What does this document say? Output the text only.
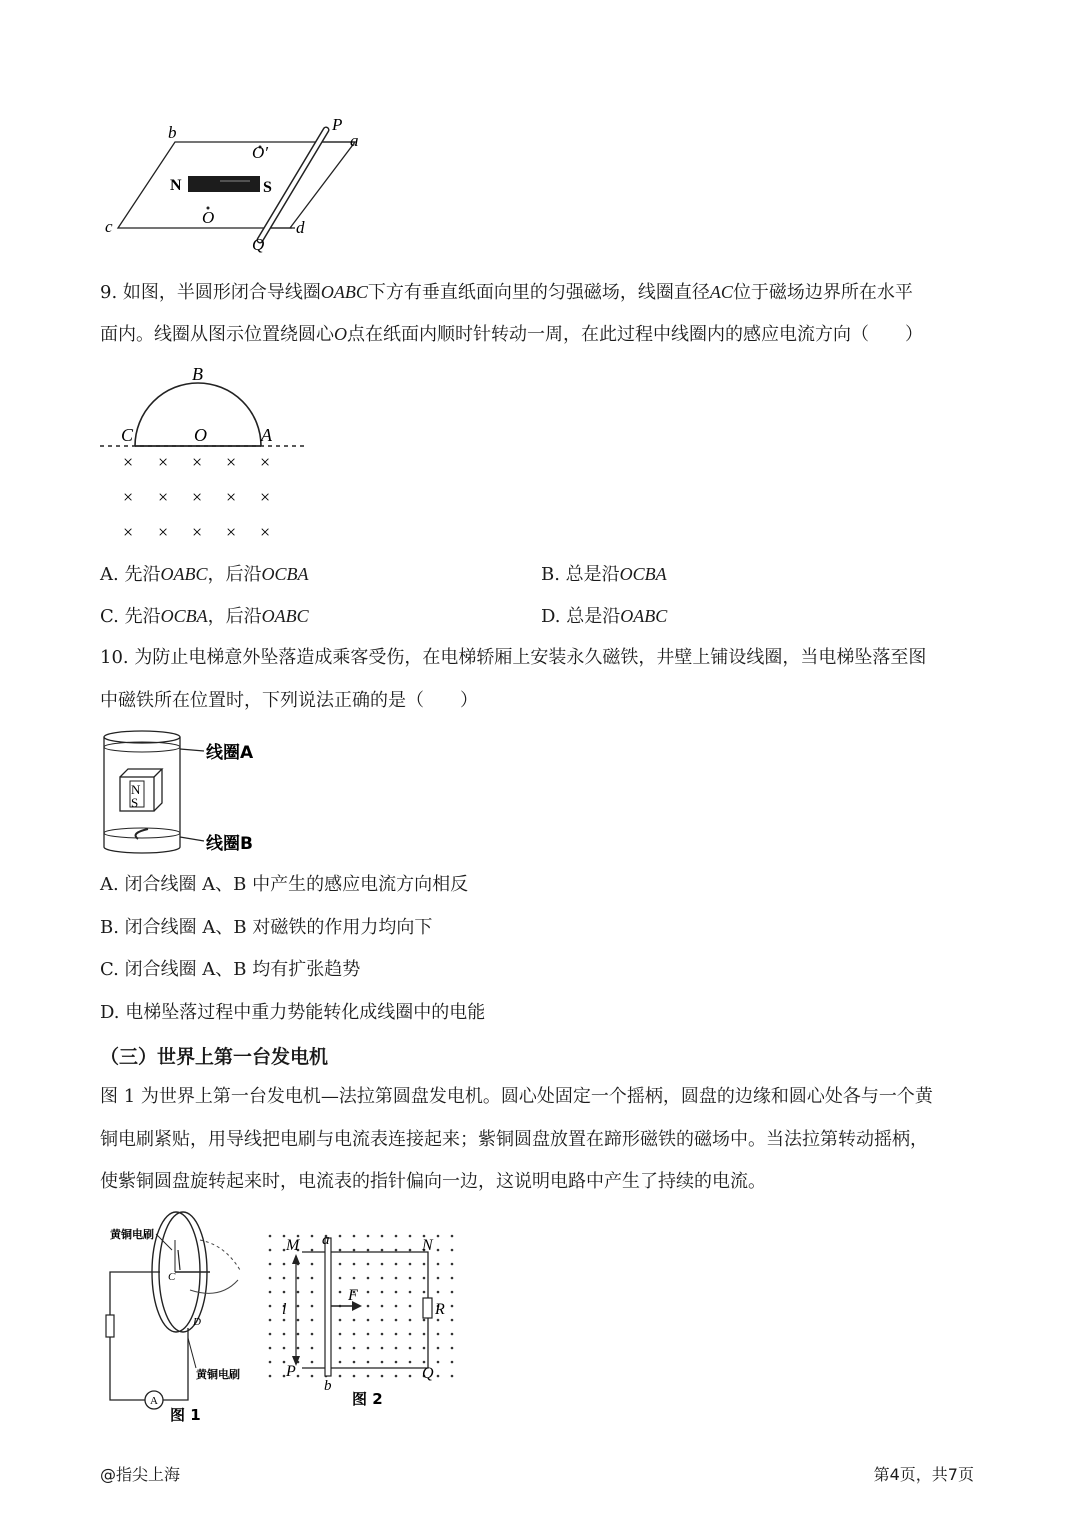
b	P
a
O′
N	S
O
c
Q
d
9. 如图，半圆形闭合导线圈OABC下方有垂直纸面向里的匀强磁场，线圈直径AC位于磁场边界所在水平
面内。线圈从图示位置绕圆心O点在纸面内顺时针转动一周，在此过程中线圈内的感应电流方向（　　）
B
C	O	A
× × × × ×
× × × × ×
× × × × ×
A. 先沿OABC，后沿OCBA	B. 总是沿OCBA
C. 先沿OCBA，后沿OABC	D. 总是沿OABC
10. 为防止电梯意外坠落造成乘客受伤，在电梯轿厢上安装永久磁铁，井壁上铺设线圈，当电梯坠落至图
中磁铁所在位置时，下列说法正确的是（　　）
N
S
线圈A
线圈B
A. 闭合线圈 A、B 中产生的感应电流方向相反
B. 闭合线圈 A、B 对磁铁的作用力均向下
C. 闭合线圈 A、B 均有扩张趋势
D. 电梯坠落过程中重力势能转化成线圈中的电能
（三）世界上第一台发电机
图 1 为世界上第一台发电机—法拉第圆盘发电机。圆心处固定一个摇柄，圆盘的边缘和圆心处各与一个黄
铜电刷紧贴，用导线把电刷与电流表连接起来；紫铜圆盘放置在蹄形磁铁的磁场中。当法拉第转动摇柄，
使紫铜圆盘旋转起来时，电流表的指针偏向一边，这说明电路中产生了持续的电流。
黄铜电刷
C
D
A
黄铜电刷
图 1
M a	N
l
F
R
P
b
Q
图 2
@指尖上海	第4页，共7页
